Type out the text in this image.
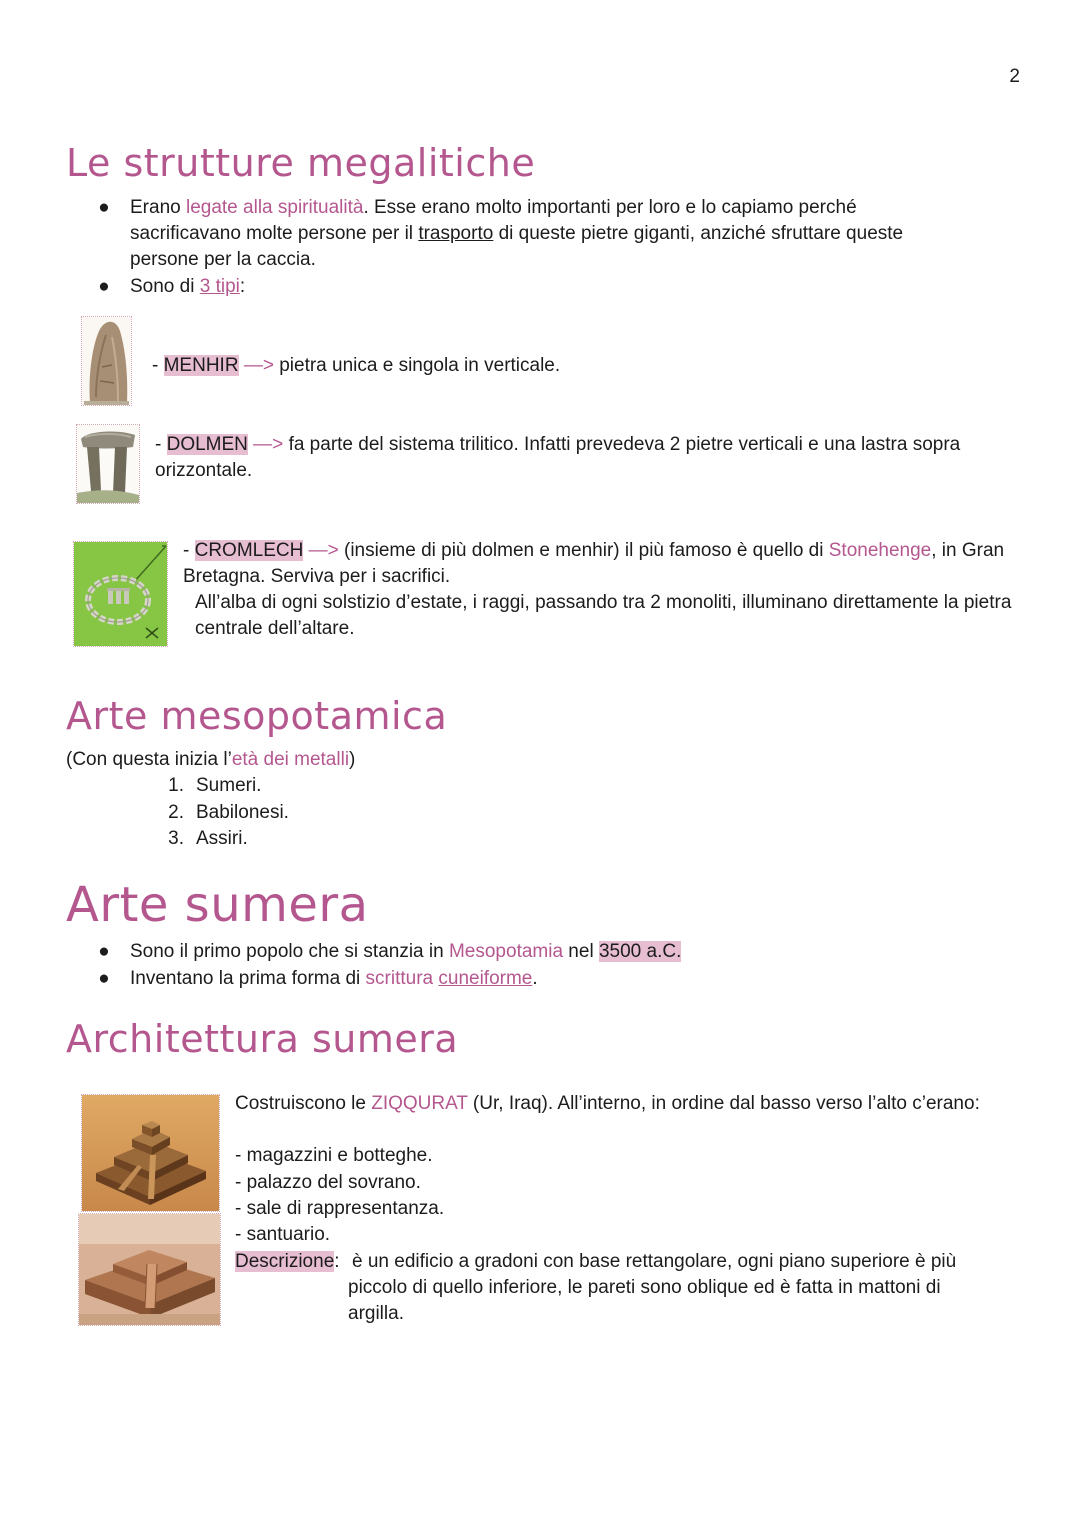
2
Le strutture megalitiche
● Erano legate alla spiritualità. Esse erano molto importanti per loro e lo capiamo perché sacrificavano molte persone per il trasporto di queste pietre giganti, anziché sfruttare queste persone per la caccia.
● Sono di 3 tipi:
- MENHIR —> pietra unica e singola in verticale.
- DOLMEN —> fa parte del sistema trilitico. Infatti prevedeva 2 pietre verticali e una lastra sopra orizzontale.
- CROMLECH —> (insieme di più dolmen e menhir) il più famoso è quello di Stonehenge, in Gran Bretagna. Serviva per i sacrifici.
All’alba di ogni solstizio d’estate, i raggi, passando tra 2 monoliti, illuminano direttamente la pietra centrale dell’altare.
Arte mesopotamica
(Con questa inizia l’età dei metalli)
1. Sumeri.
2. Babilonesi.
3. Assiri.
Arte sumera
● Sono il primo popolo che si stanzia in Mesopotamia nel 3500 a.C.
● Inventano la prima forma di scrittura cuneiforme.
Architettura sumera
Costruiscono le ZIQQURAT (Ur, Iraq). All’interno, in ordine dal basso verso l’alto c’erano:
- magazzini e botteghe.
- palazzo del sovrano.
- sale di rappresentanza.
- santuario.
Descrizione: è un edificio a gradoni con base rettangolare, ogni piano superiore è più piccolo di quello inferiore, le pareti sono oblique ed è fatta in mattoni di argilla.
